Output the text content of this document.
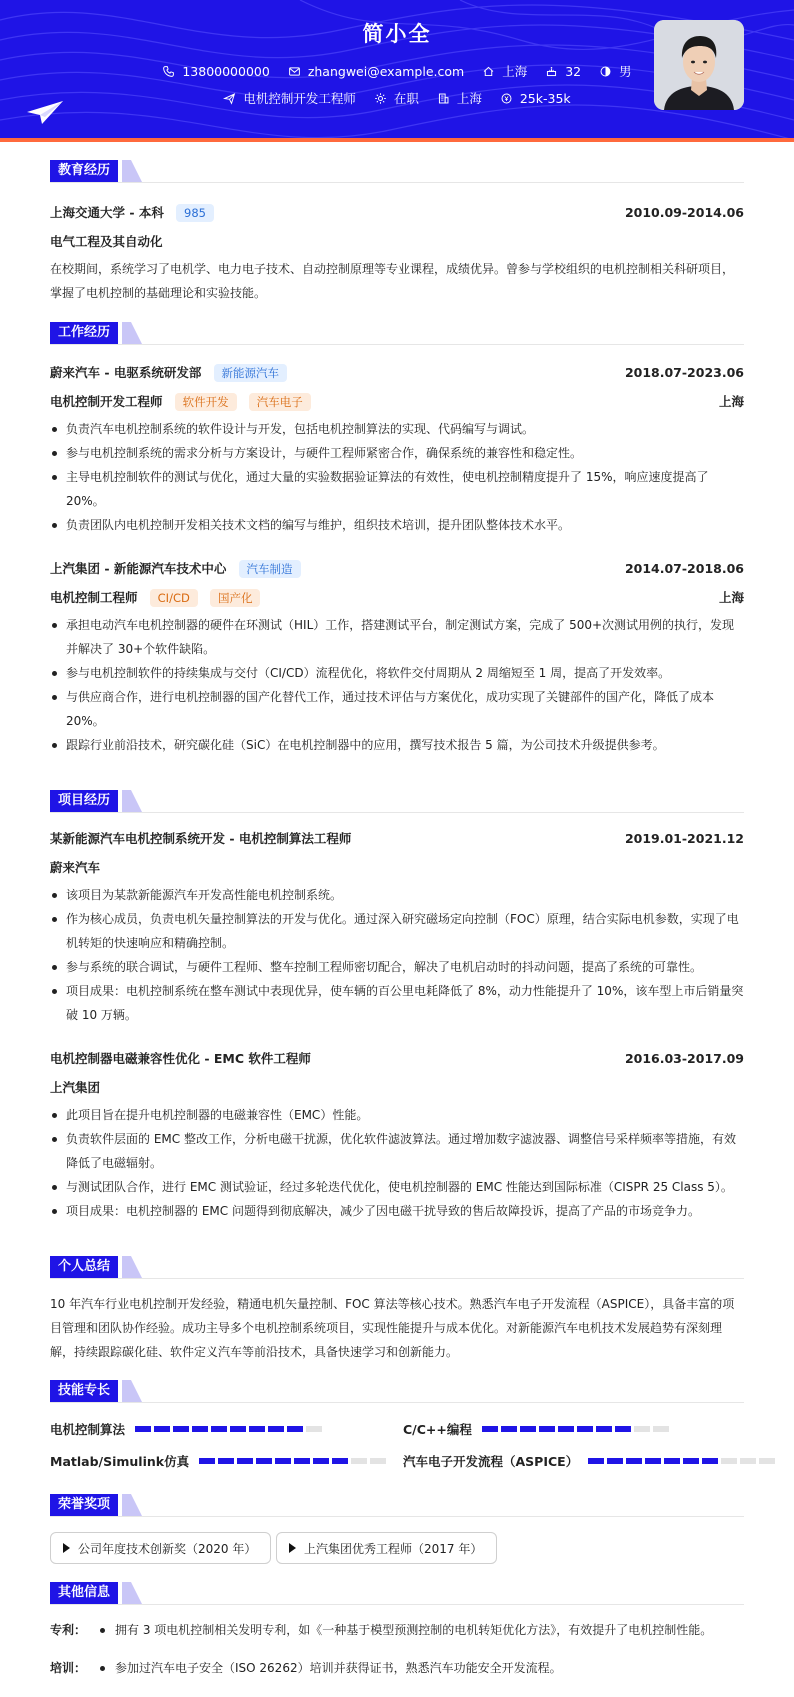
简小全
13800000000	zhangwei@example.com	上海	32	男
电机控制开发工程师	在职	上海	25k-35k
教育经历
上海交通大学 - 本科 985	2010.09-2014.06
电气工程及其自动化
在校期间，系统学习了电机学、电力电子技术、自动控制原理等专业课程，成绩优异。曾参与学校组织的电机控制相关科研项目，掌握了电机控制的基础理论和实验技能。
工作经历
蔚来汽车 - 电驱系统研发部 新能源汽车	2018.07-2023.06
电机控制开发工程师 软件开发 汽车电子	上海
负责汽车电机控制系统的软件设计与开发，包括电机控制算法的实现、代码编写与调试。
参与电机控制系统的需求分析与方案设计，与硬件工程师紧密合作，确保系统的兼容性和稳定性。
主导电机控制软件的测试与优化，通过大量的实验数据验证算法的有效性，使电机控制精度提升了 15%，响应速度提高了 20%。
负责团队内电机控制开发相关技术文档的编写与维护，组织技术培训，提升团队整体技术水平。
上汽集团 - 新能源汽车技术中心 汽车制造	2014.07-2018.06
电机控制工程师 CI/CD 国产化	上海
承担电动汽车电机控制器的硬件在环测试（HIL）工作，搭建测试平台，制定测试方案，完成了 500+次测试用例的执行，发现并解决了 30+个软件缺陷。
参与电机控制软件的持续集成与交付（CI/CD）流程优化，将软件交付周期从 2 周缩短至 1 周，提高了开发效率。
与供应商合作，进行电机控制器的国产化替代工作，通过技术评估与方案优化，成功实现了关键部件的国产化，降低了成本 20%。
跟踪行业前沿技术，研究碳化硅（SiC）在电机控制器中的应用，撰写技术报告 5 篇，为公司技术升级提供参考。
项目经历
某新能源汽车电机控制系统开发 - 电机控制算法工程师	2019.01-2021.12
蔚来汽车
该项目为某款新能源汽车开发高性能电机控制系统。
作为核心成员，负责电机矢量控制算法的开发与优化。通过深入研究磁场定向控制（FOC）原理，结合实际电机参数，实现了电机转矩的快速响应和精确控制。
参与系统的联合调试，与硬件工程师、整车控制工程师密切配合，解决了电机启动时的抖动问题，提高了系统的可靠性。
项目成果：电机控制系统在整车测试中表现优异，使车辆的百公里电耗降低了 8%，动力性能提升了 10%，该车型上市后销量突破 10 万辆。
电机控制器电磁兼容性优化 - EMC 软件工程师	2016.03-2017.09
上汽集团
此项目旨在提升电机控制器的电磁兼容性（EMC）性能。
负责软件层面的 EMC 整改工作，分析电磁干扰源，优化软件滤波算法。通过增加数字滤波器、调整信号采样频率等措施，有效降低了电磁辐射。
与测试团队合作，进行 EMC 测试验证，经过多轮迭代优化，使电机控制器的 EMC 性能达到国际标准（CISPR 25 Class 5）。
项目成果：电机控制器的 EMC 问题得到彻底解决，减少了因电磁干扰导致的售后故障投诉，提高了产品的市场竞争力。
个人总结
10 年汽车行业电机控制开发经验，精通电机矢量控制、FOC 算法等核心技术。熟悉汽车电子开发流程（ASPICE），具备丰富的项目管理和团队协作经验。成功主导多个电机控制系统项目，实现性能提升与成本优化。对新能源汽车电机技术发展趋势有深刻理解，持续跟踪碳化硅、软件定义汽车等前沿技术，具备快速学习和创新能力。
技能专长
电机控制算法	C/C++编程
Matlab/Simulink仿真	汽车电子开发流程（ASPICE）
荣誉奖项
公司年度技术创新奖（2020 年）	上汽集团优秀工程师（2017 年）
其他信息
专利：	拥有 3 项电机控制相关发明专利，如《一种基于模型预测控制的电机转矩优化方法》，有效提升了电机控制性能。
培训：	参加过汽车电子安全（ISO 26262）培训并获得证书，熟悉汽车功能安全开发流程。
